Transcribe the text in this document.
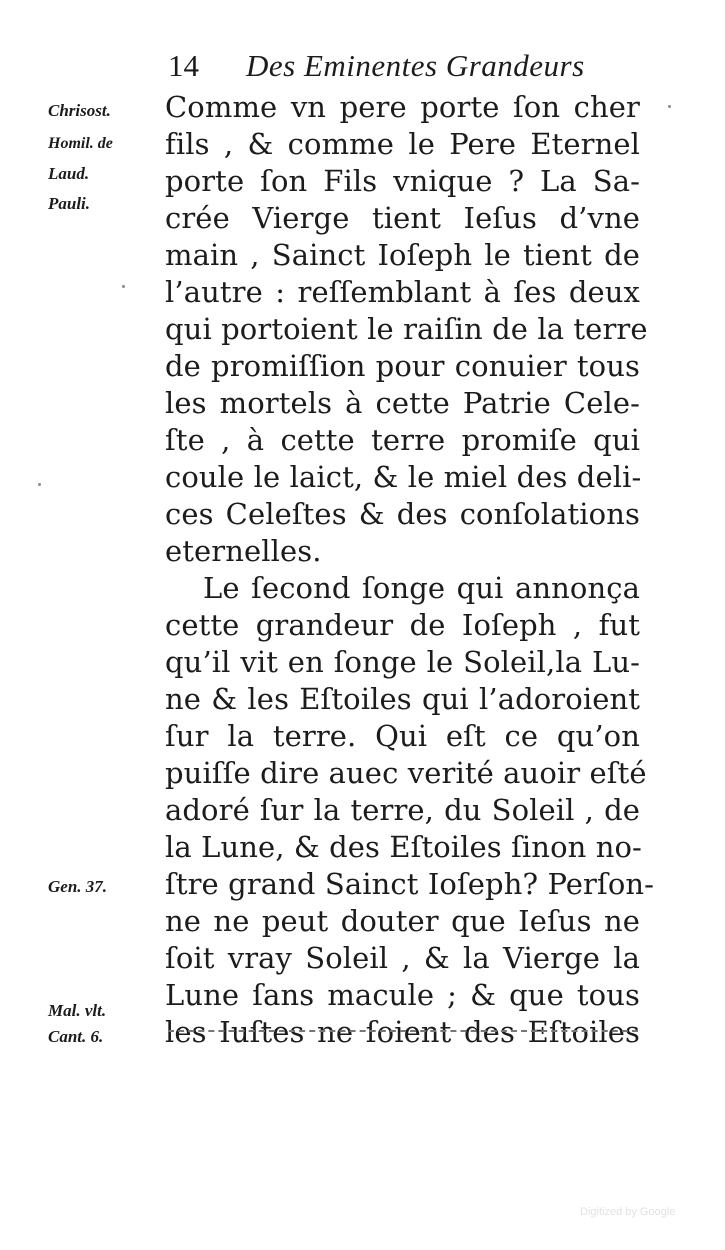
14 Des Eminentes Grandeurs
Chrisost.
Homil. de
Laud.
Pauli.
Gen. 37.
Mal. vlt.
Cant. 6.
Comme vn pere porte ſon cher
fils , & comme le Pere Eternel
porte ſon Fils vnique ? La Sa-
crée Vierge tient Ieſus d’vne
main , Sainct Ioſeph le tient de
l’autre : reſſemblant à ſes deux
qui portoient le raiſin de la terre
de promiſſion pour conuier tous
les mortels à cette Patrie Cele-
ſte , à cette terre promiſe qui
coule le laict, & le miel des deli-
ces Celeſtes & des conſolations
eternelles.
Le ſecond ſonge qui annonça
cette grandeur de Ioſeph , fut
qu’il vit en ſonge le Soleil,la Lu-
ne & les Eſtoiles qui l’adoroient
ſur la terre. Qui eſt ce qu’on
puiſſe dire auec verité auoir eſté
adoré ſur la terre, du Soleil , de
la Lune, & des Eſtoiles ſinon no-
ſtre grand Sainct Ioſeph? Perſon-
ne ne peut douter que Ieſus ne
ſoit vray Soleil , & la Vierge la
Lune ſans macule ; & que tous
les Iuſtes ne ſoient des Eſtoiles
Digitized by Google
